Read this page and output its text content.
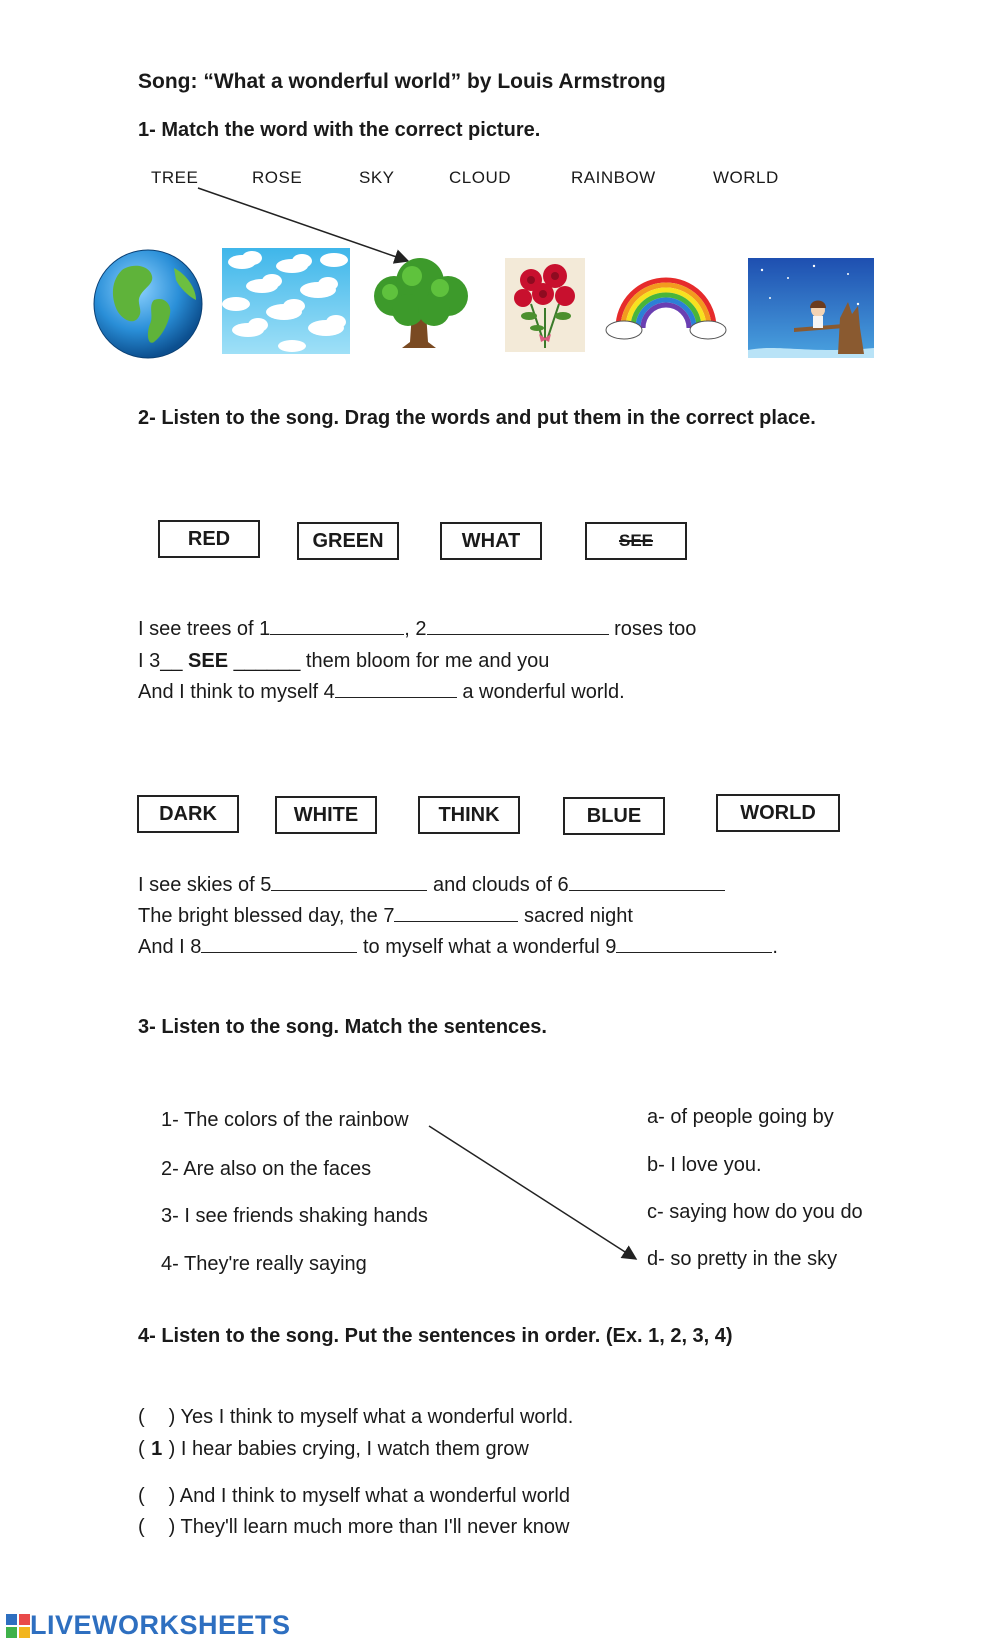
Song: “What a wonderful world” by Louis Armstrong
1- Match the word with the correct picture.
TREE	ROSE	SKY	CLOUD	RAINBOW	WORLD
2- Listen to the song. Drag the words and put them in the correct place.
RED	GREEN	WHAT	SEE
I see trees of 1	, 2	roses too
I 3__ SEE ______ them bloom for me and you
And I think to myself 4	a wonderful world.
DARK	WHITE	THINK	BLUE	WORLD
I see skies of 5	and clouds of 6
The bright blessed day, the 7	sacred night
And I 8	to myself what a wonderful 9	.
3- Listen to the song. Match the sentences.
1- The colors of the rainbow
2- Are also on the faces
3- I see friends shaking hands
4- They're really saying
a- of people going by
b- I love you.
c- saying how do you do
d- so pretty in the sky
4- Listen to the song. Put the sentences in order. (Ex. 1, 2, 3, 4)
( ) Yes I think to myself what a wonderful world.
( 1 ) I hear babies crying, I watch them grow
( ) And I think to myself what a wonderful world
( ) They'll learn much more than I'll never know
LIVEWORKSHEETS
